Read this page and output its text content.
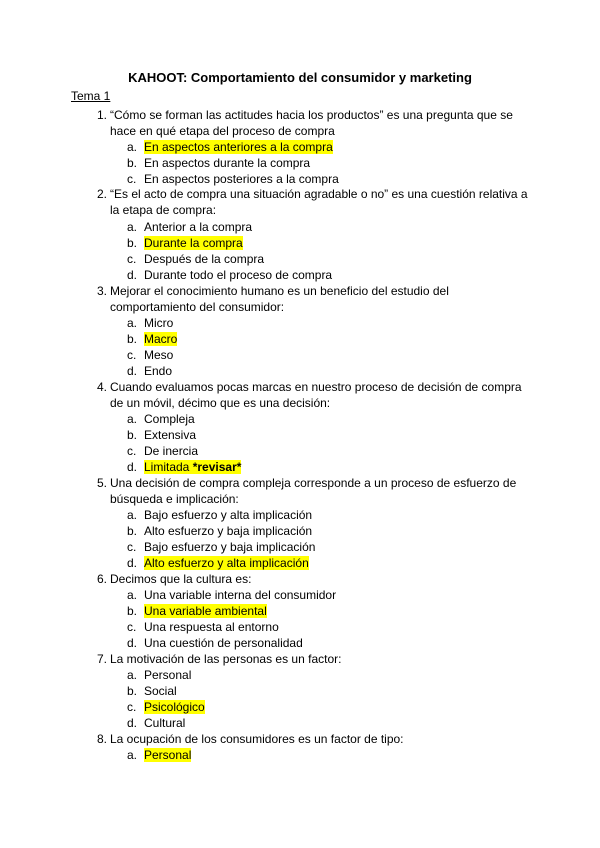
KAHOOT: Comportamiento del consumidor y marketing
Tema 1
1. “Cómo se forman las actitudes hacia los productos” es una pregunta que se hace en qué etapa del proceso de compra
a. En aspectos anteriores a la compra
b. En aspectos durante la compra
c. En aspectos posteriores a la compra
2. “Es el acto de compra una situación agradable o no” es una cuestión relativa a la etapa de compra:
a. Anterior a la compra
b. Durante la compra
c. Después de la compra
d. Durante todo el proceso de compra
3. Mejorar el conocimiento humano es un beneficio del estudio del comportamiento del consumidor:
a. Micro
b. Macro
c. Meso
d. Endo
4. Cuando evaluamos pocas marcas en nuestro proceso de decisión de compra de un móvil, décimo que es una decisión:
a. Compleja
b. Extensiva
c. De inercia
d. Limitada *revisar*
5. Una decisión de compra compleja corresponde a un proceso de esfuerzo de búsqueda e implicación:
a. Bajo esfuerzo y alta implicación
b. Alto esfuerzo y baja implicación
c. Bajo esfuerzo y baja implicación
d. Alto esfuerzo y alta implicación
6. Decimos que la cultura es:
a. Una variable interna del consumidor
b. Una variable ambiental
c. Una respuesta al entorno
d. Una cuestión de personalidad
7. La motivación de las personas es un factor:
a. Personal
b. Social
c. Psicológico
d. Cultural
8. La ocupación de los consumidores es un factor de tipo:
a. Personal
